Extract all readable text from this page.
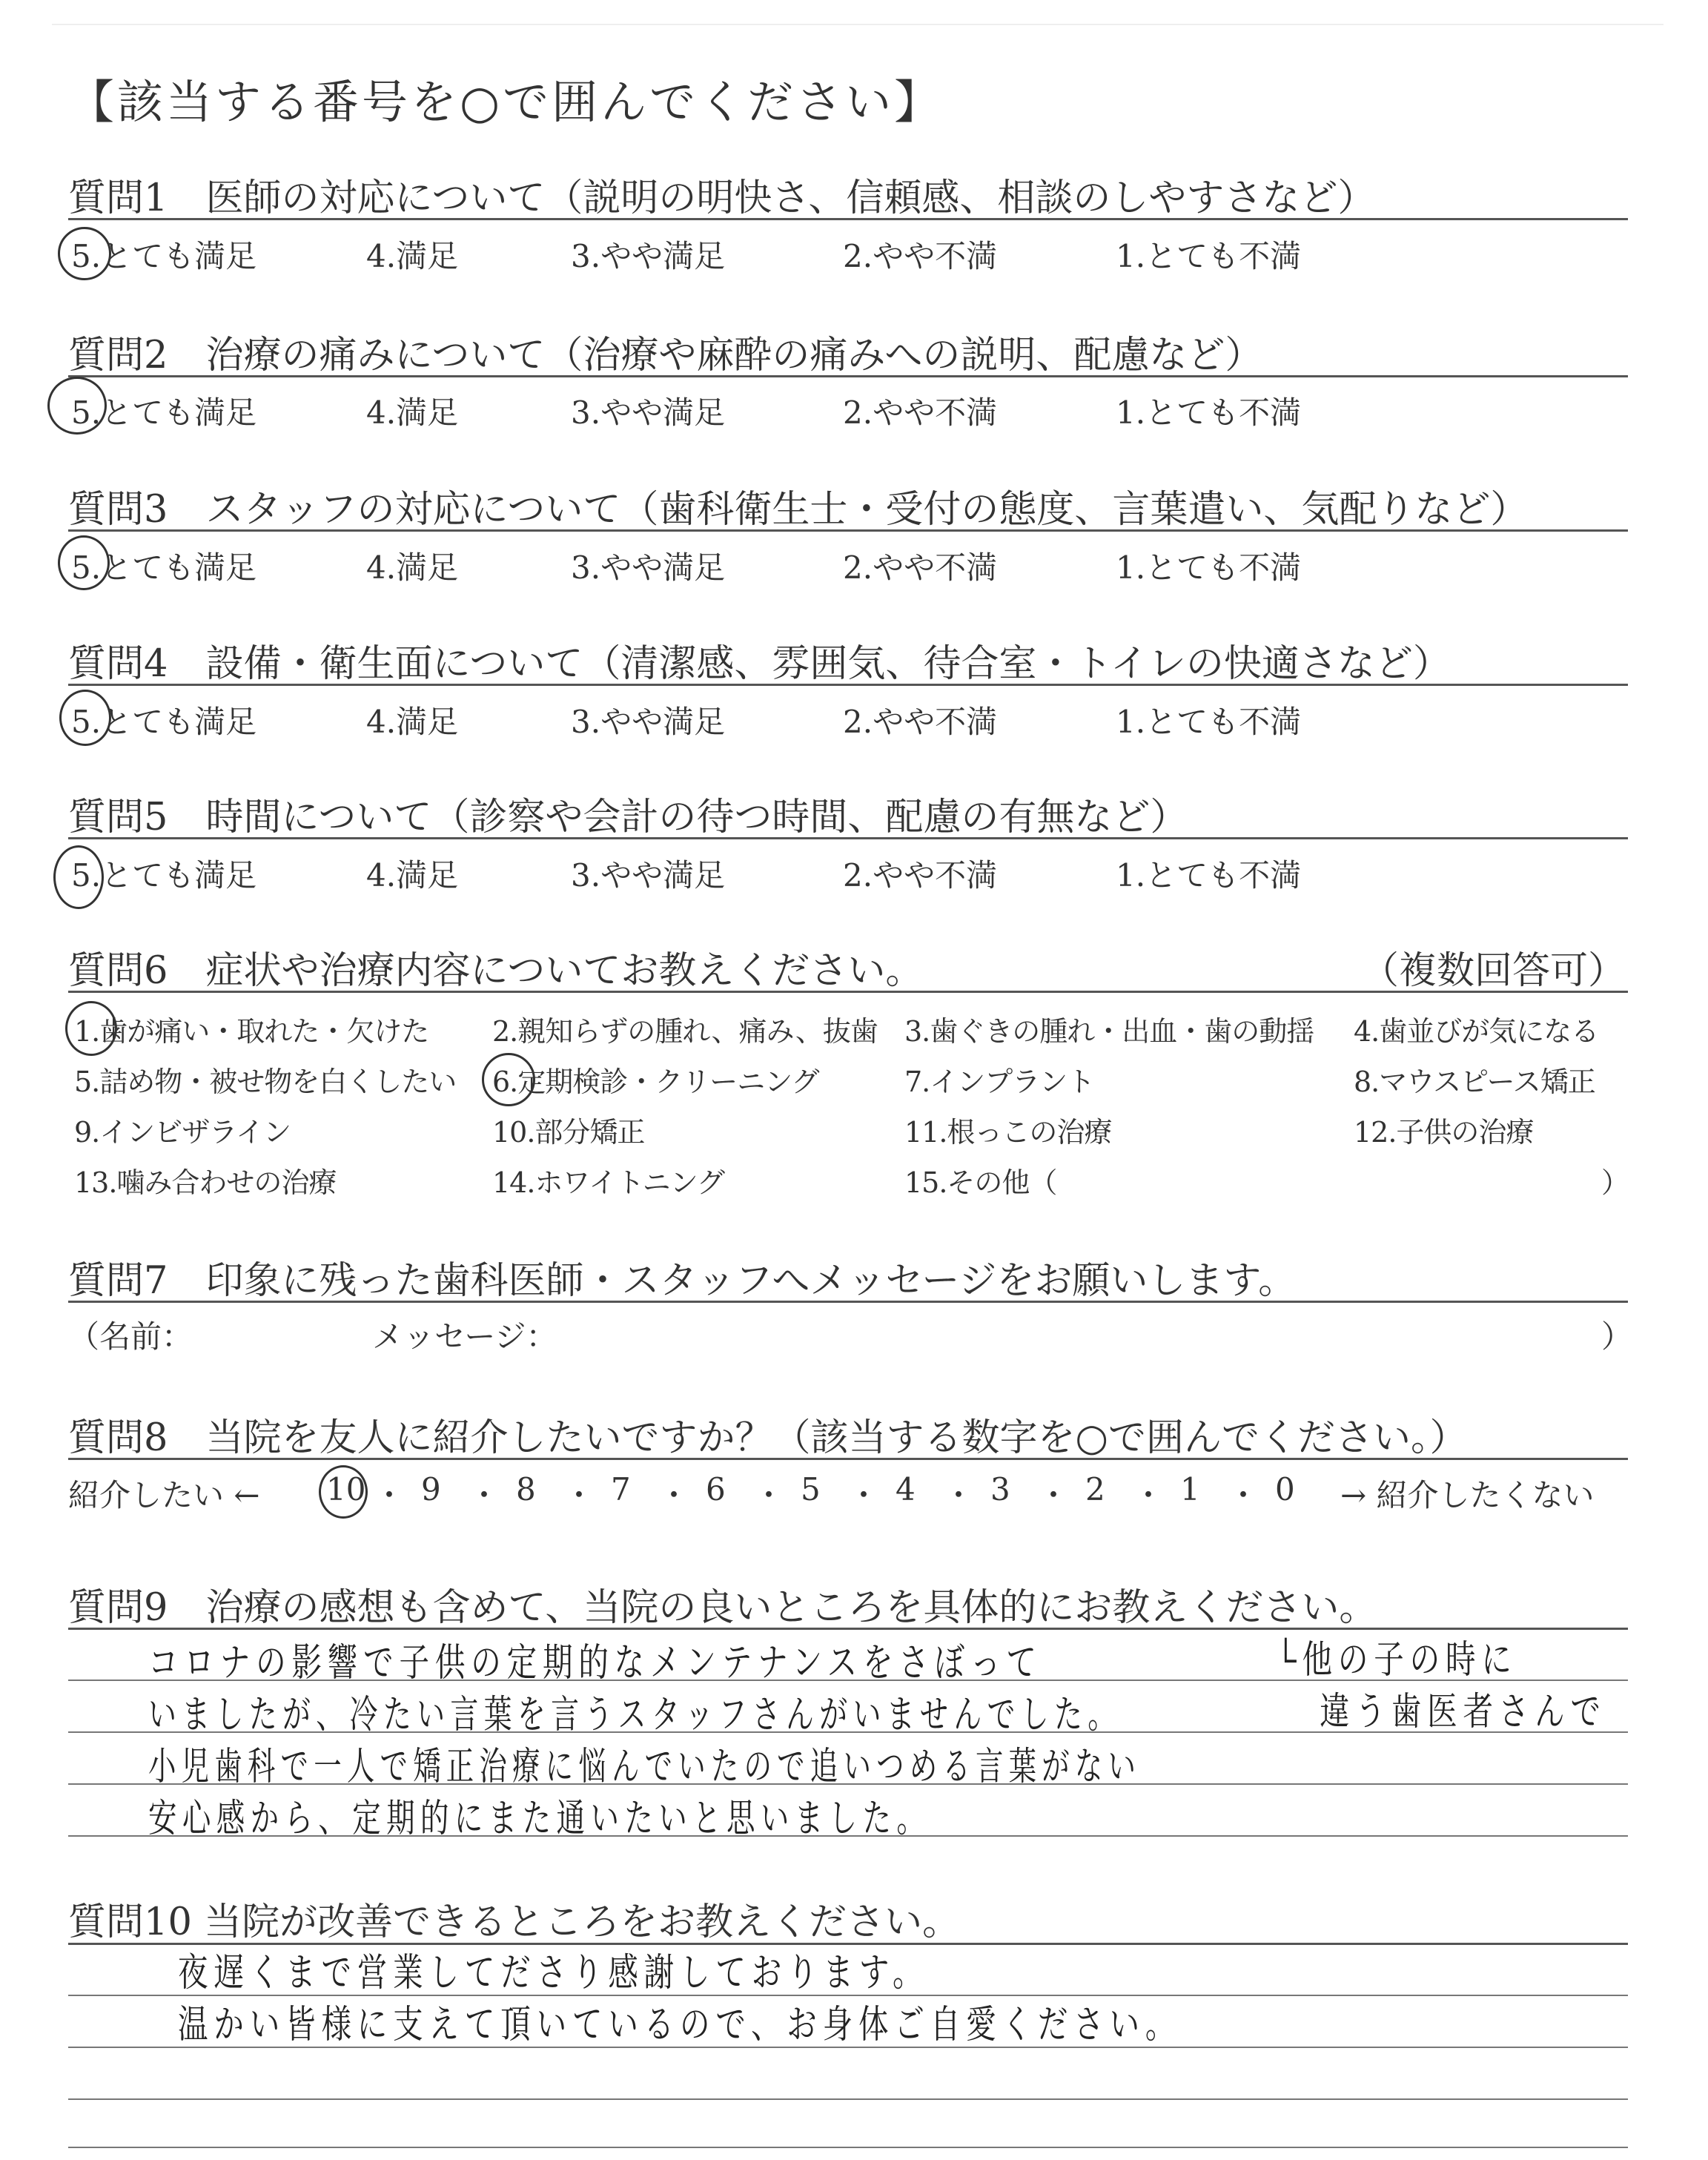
【該当する番号を○で囲んでください】
質問1　医師の対応について（説明の明快さ、信頼感、相談のしやすさなど）
5.とても満足	4.満足	3.やや満足	2.やや不満	1.とても不満
質問2　治療の痛みについて（治療や麻酔の痛みへの説明、配慮など）
5.とても満足	4.満足	3.やや満足	2.やや不満	1.とても不満
質問3　スタッフの対応について（歯科衛生士・受付の態度、言葉遣い、気配りなど）
5.とても満足	4.満足	3.やや満足	2.やや不満	1.とても不満
質問4　設備・衛生面について（清潔感、雰囲気、待合室・トイレの快適さなど）
5.とても満足	4.満足	3.やや満足	2.やや不満	1.とても不満
質問5　時間について（診察や会計の待つ時間、配慮の有無など）
5.とても満足	4.満足	3.やや満足	2.やや不満	1.とても不満
質問6　症状や治療内容についてお教えください。	（複数回答可）
1.歯が痛い・取れた・欠けた 2.親知らずの腫れ、痛み、抜歯 3.歯ぐきの腫れ・出血・歯の動揺 4.歯並びが気になる
5.詰め物・被せ物を白くしたい 6.定期検診・クリーニング	7.インプラント	8.マウスピース矯正
9.インビザライン	10.部分矯正	11.根っこの治療	12.子供の治療
13.噛み合わせの治療	14.ホワイトニング	15.その他（	）
質問7　印象に残った歯科医師・スタッフへメッセージをお願いします。
（名前：	メッセージ：	）
質問8　当院を友人に紹介したいですか？（該当する数字を○で囲んでください。）
紹介したい ← 10 ・ 9 ・ 8 ・ 7 ・ 6 ・ 5 ・ 4 ・ 3 ・ 2 ・ 1 ・ 0 → 紹介したくない
質問9　治療の感想も含めて、当院の良いところを具体的にお教えください。
コロナの影響で子供の定期的なメンテナンスをさぼって	└他の子の時に
いましたが、冷たい言葉を言うスタッフさんがいませんでした。	違う歯医者さんで
小児歯科で一人で矯正治療に悩んでいたので追いつめる言葉がない
安心感から、定期的にまた通いたいと思いました。
質問10 当院が改善できるところをお教えください。
夜遅くまで営業してださり感謝しております。
温かい皆様に支えて頂いているので、お身体ご自愛ください。
